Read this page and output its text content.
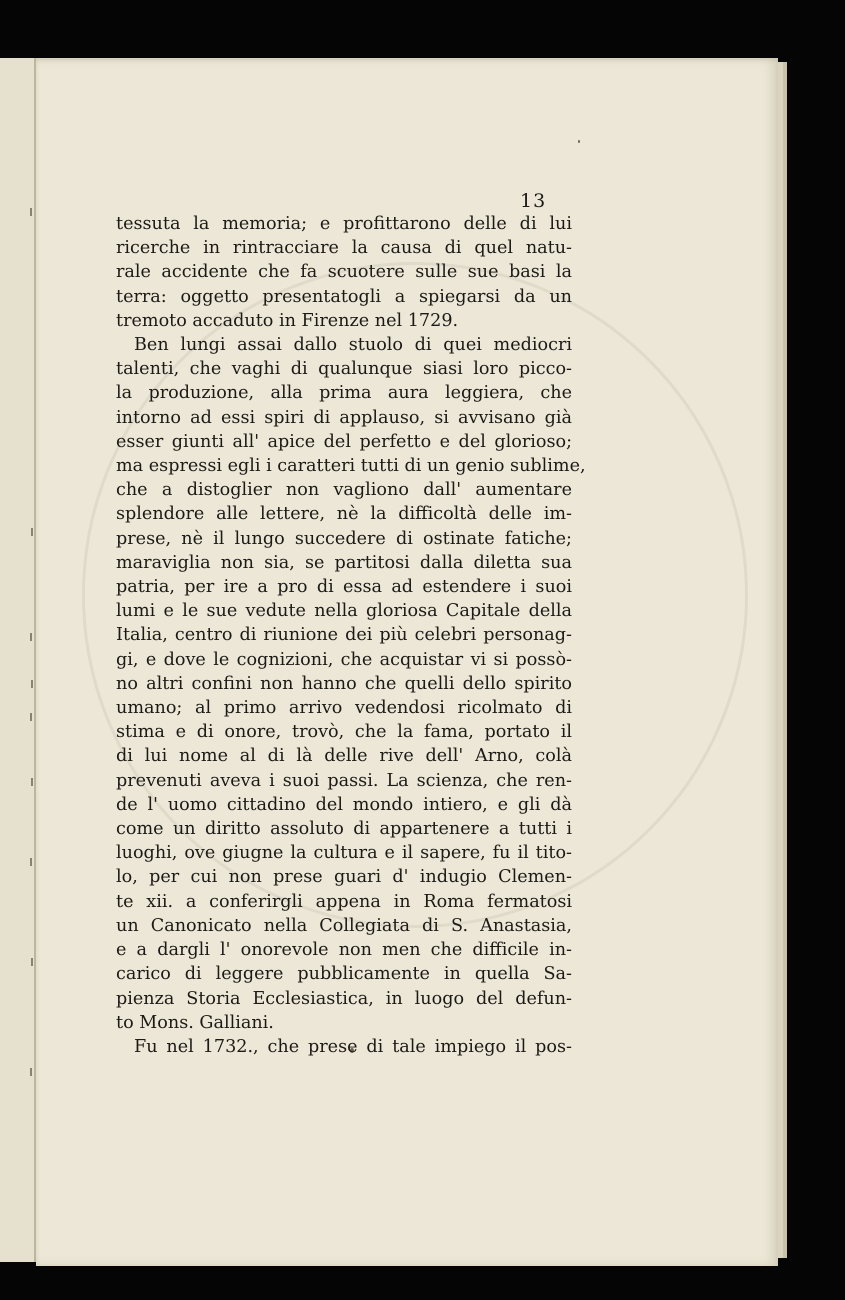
13
tessuta la memoria; e profittarono delle di lui
ricerche in rintracciare la causa di quel natu-
rale accidente che fa scuotere sulle sue basi la
terra: oggetto presentatogli a spiegarsi da un
tremoto accaduto in Firenze nel 1729.
Ben lungi assai dallo stuolo di quei mediocri
talenti, che vaghi di qualunque siasi loro picco-
la produzione, alla prima aura leggiera, che
intorno ad essi spiri di applauso, si avvisano già
esser giunti all' apice del perfetto e del glorioso;
ma espressi egli i caratteri tutti di un genio sublime,
che a distoglier non vagliono dall' aumentare
splendore alle lettere, nè la difficoltà delle im-
prese, nè il lungo succedere di ostinate fatiche;
maraviglia non sia, se partitosi dalla diletta sua
patria, per ire a pro di essa ad estendere i suoi
lumi e le sue vedute nella gloriosa Capitale della
Italia, centro di riunione dei più celebri personag-
gi, e dove le cognizioni, che acquistar vi si possò-
no altri confini non hanno che quelli dello spirito
umano; al primo arrivo vedendosi ricolmato di
stima e di onore, trovò, che la fama, portato il
di lui nome al di là delle rive dell' Arno, colà
prevenuti aveva i suoi passi. La scienza, che ren-
de l' uomo cittadino del mondo intiero, e gli dà
come un diritto assoluto di appartenere a tutti i
luoghi, ove giugne la cultura e il sapere, fu il tito-
lo, per cui non prese guari d' indugio Clemen-
te xii. a conferirgli appena in Roma fermatosi
un Canonicato nella Collegiata di S. Anastasia,
e a dargli l' onorevole non men che difficile in-
carico di leggere pubblicamente in quella Sa-
pienza Storia Ecclesiastica, in luogo del defun-
to Mons. Galliani.
Fu nel 1732., che prese di tale impiego il pos-
